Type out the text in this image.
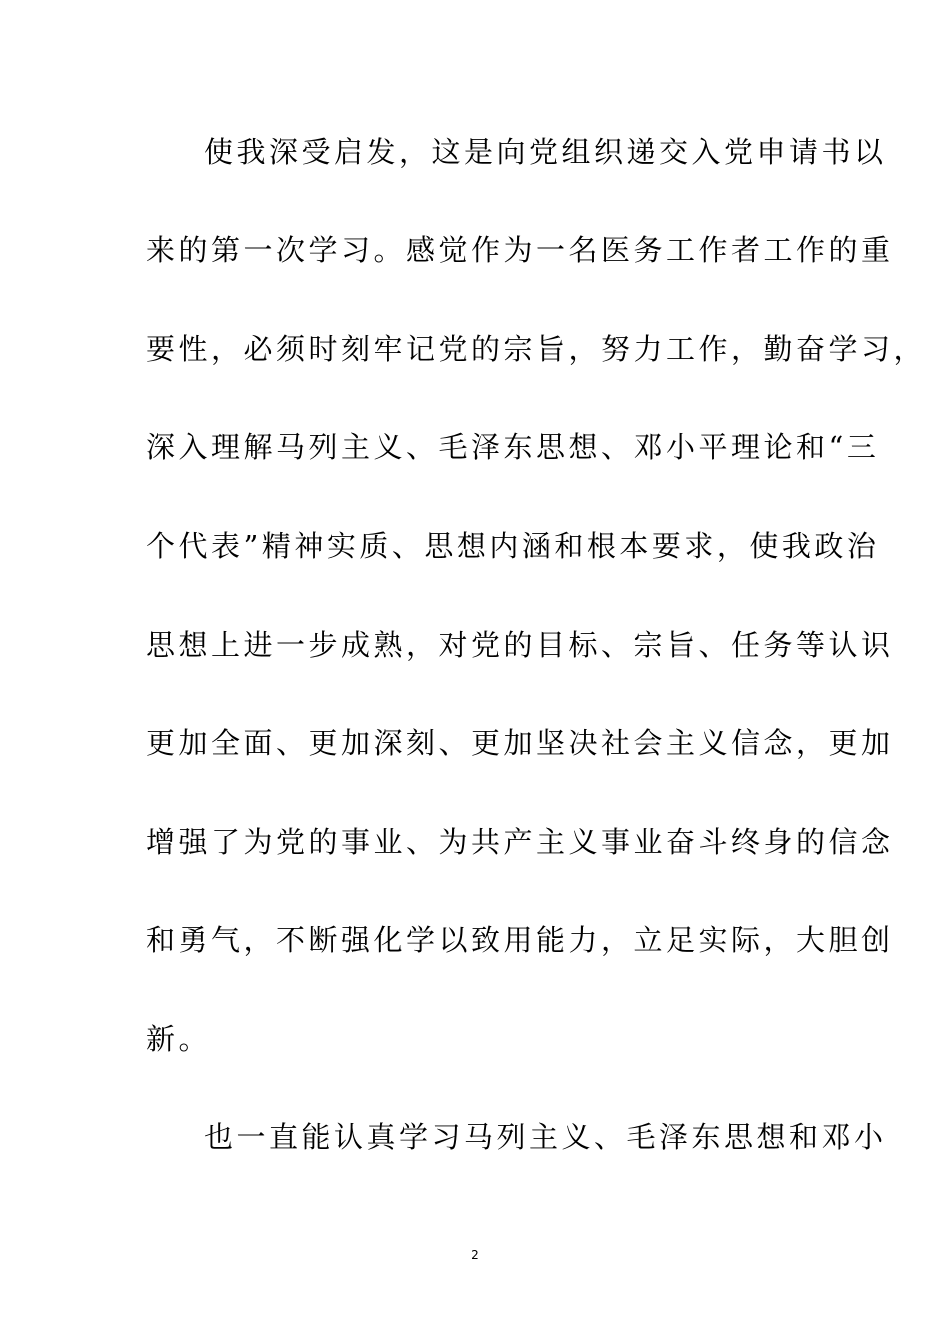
使我深受启发，这是向党组织递交入党申请书以
来的第一次学习。感觉作为一名医务工作者工作的重
要性，必须时刻牢记党的宗旨，努力工作，勤奋学习，
深入理解马列主义、毛泽东思想、邓小平理论和“三
个代表”精神实质、思想内涵和根本要求，使我政治
思想上进一步成熟，对党的目标、宗旨、任务等认识
更加全面、更加深刻、更加坚决社会主义信念，更加
增强了为党的事业、为共产主义事业奋斗终身的信念
和勇气，不断强化学以致用能力，立足实际，大胆创
新。
也一直能认真学习马列主义、毛泽东思想和邓小
2
